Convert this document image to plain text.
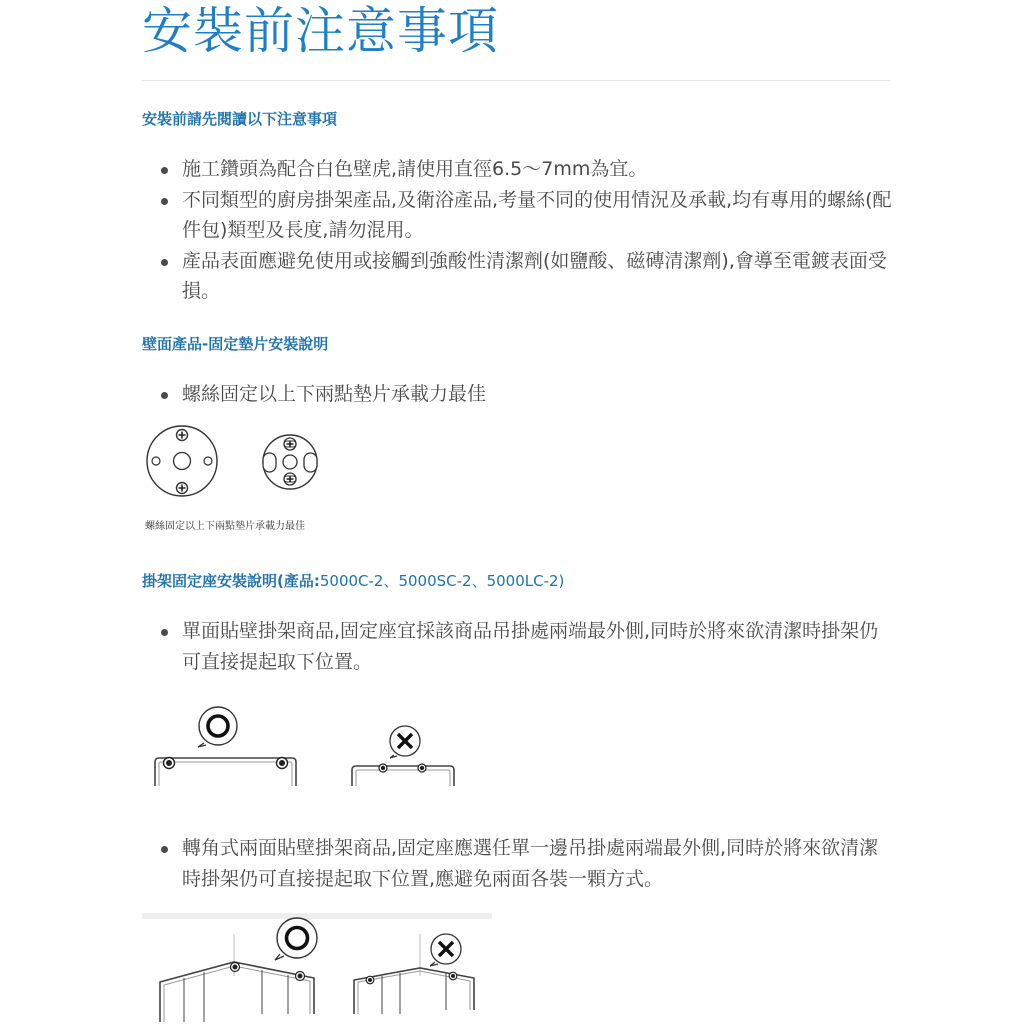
安裝前注意事項
安裝前請先閱讀以下注意事項
施工鑽頭為配合白色壁虎,請使用直徑6.5～7mm為宜。
不同類型的廚房掛架產品,及衛浴產品,考量不同的使用情況及承載,均有專用的螺絲(配件包)類型及長度,請勿混用。
產品表面應避免使用或接觸到強酸性清潔劑(如鹽酸、磁磚清潔劑),會導至電鍍表面受損。
壁面產品-固定墊片安裝說明
螺絲固定以上下兩點墊片承載力最佳
螺絲固定以上下兩點墊片承載力最佳
掛架固定座安裝說明(產品:5000C-2、5000SC-2、5000LC-2)
單面貼壁掛架商品,固定座宜採該商品吊掛處兩端最外側,同時於將來欲清潔時掛架仍可直接提起取下位置。
轉角式兩面貼壁掛架商品,固定座應選任單一邊吊掛處兩端最外側,同時於將來欲清潔時掛架仍可直接提起取下位置,應避免兩面各裝一顆方式。
